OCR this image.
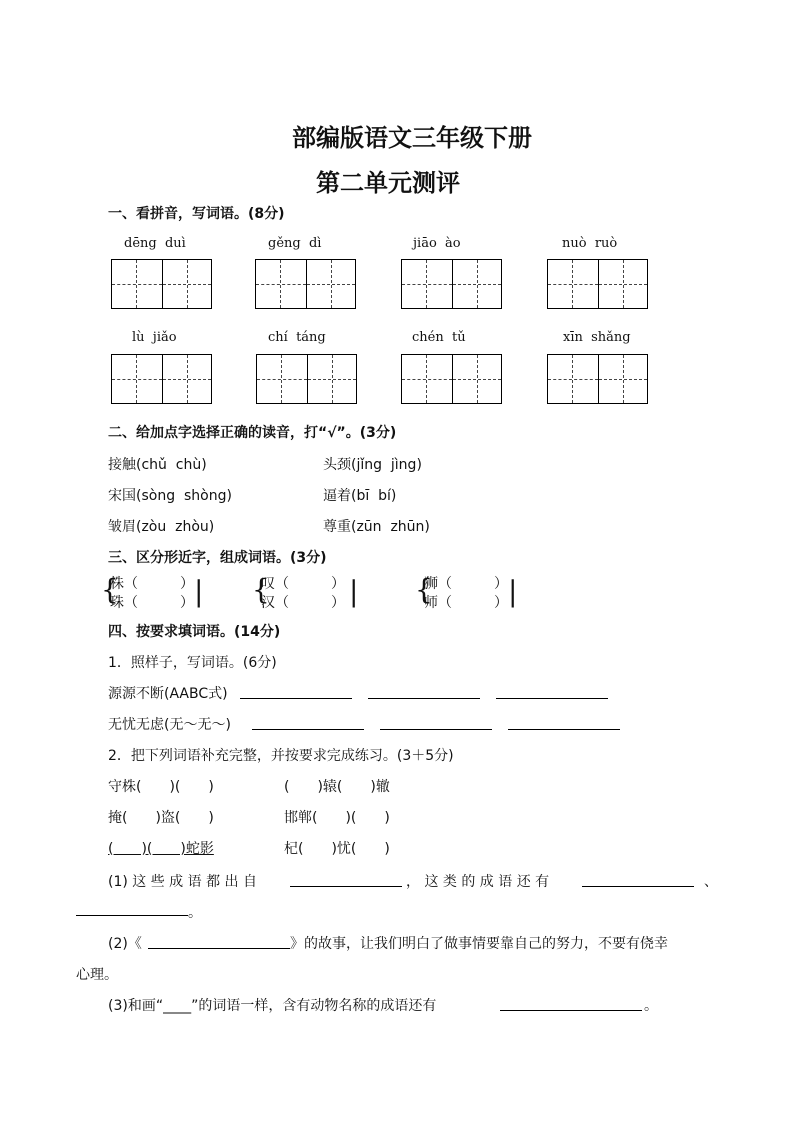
部编版语文三年级下册
第二单元测评
一、看拼音，写词语。(8分)
dēng  duì	gěng  dì	jiāo  ào	nuò  ruò
lù  jiǎo	chí  táng	chén  tǔ	xīn  shǎng
二、给加点字选择正确的读音，打“√”。(3分)
接触(chǔ  chù)	头颈(jǐng  jìng)
宋国(sòng  shòng)	逼着(bī  bí)
皱眉(zòu  zhòu)	尊重(zūn  zhūn)
三、区分形近字，组成词语。(3分)
{
株（　　　）
珠（　　　） | {
叹（　　　）
汉（　　　） | {
狮（　　　）
师（　　　） |
四、按要求填词语。(14分)
1．照样子，写词语。(6分)
源源不断(AABC式)
无忧无虑(无～无～)
2．把下列词语补充完整，并按要求完成练习。(3＋5分)
守株(　　)(　　)	(　　)辕(　　)辙
掩(　　)盗(　　)	邯郸(　　)(　　)
(　　)(　　)蛇影	杞(　　)忧(　　)
(1) 这 些 成 语 都 出 自	， 这 类 的 成 语 还 有	、
。
(2)《	》的故事，让我们明白了做事情要靠自己的努力，不要有侥幸
心理。
(3)和画“____”的词语一样，含有动物名称的成语还有	。
